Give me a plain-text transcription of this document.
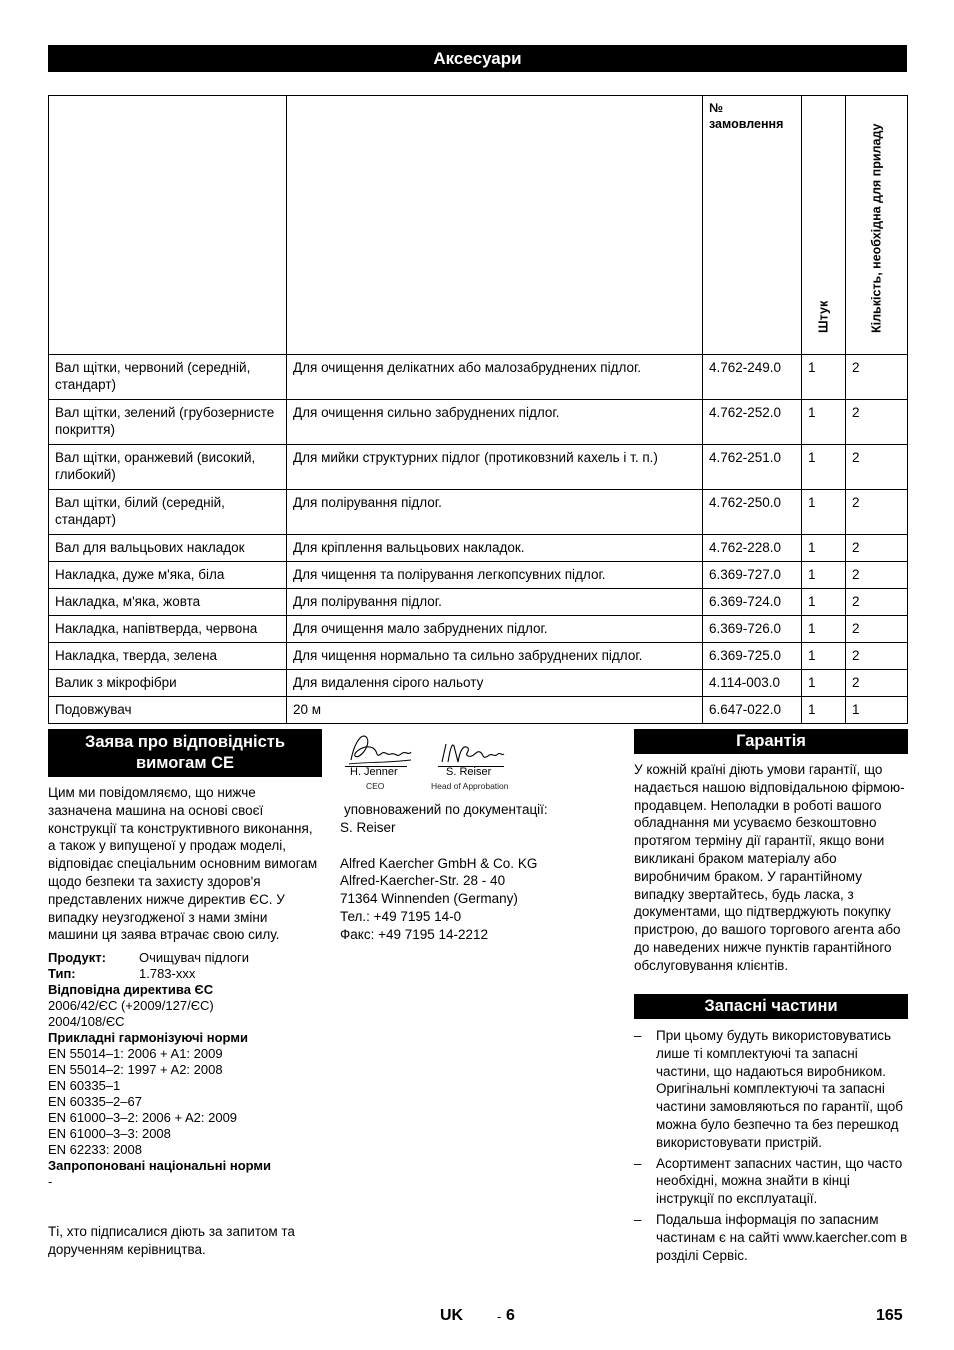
Аксесуари
		№ замовлення	Штук	Кількість, необхідна для приладу

Вал щітки, червоний (середній, стандарт)	Для очищення делікатних або малозабруднених підлог.	4.762-249.0	1	2
Вал щітки, зелений (грубозернисте покриття)	Для очищення сильно забруднених підлог.	4.762-252.0	1	2
Вал щітки, оранжевий (високий, глибокий)	Для мийки структурних підлог (протиковзний кахель і т. п.)	4.762-251.0	1	2
Вал щітки, білий (середній, стандарт)	Для полірування підлог.	4.762-250.0	1	2
Вал для вальцьових накладок	Для кріплення вальцьових накладок.	4.762-228.0	1	2
Накладка, дуже м'яка, біла	Для чищення та полірування легкопсувних підлог.	6.369-727.0	1	2
Накладка, м'яка, жовта	Для полірування підлог.	6.369-724.0	1	2
Накладка, напівтверда, червона	Для очищення мало забруднених підлог.	6.369-726.0	1	2
Накладка, тверда, зелена	Для чищення нормально та сильно забруднених підлог.	6.369-725.0	1	2
Валик з мікрофібри	Для видалення сірого нальоту	4.114-003.0	1	2
Подовжувач	20 м	6.647-022.0	1	1
Заява про відповідність вимогам СЕ

Цим ми повідомляємо, що нижче зазначена машина на основі своєї конструкції та конструктивного виконання, а також у випущеної у продаж моделі, відповідає спеціальним основним вимогам щодо безпеки та захисту здоров'я представлених нижче директив ЄС. У випадку неузгодженої з нами зміни машини ця заява втрачає свою силу.

Продукт:	Очищувач підлоги
Тип:	1.783-xxx
Відповідна директива ЄС
2006/42/ЄС (+2009/127/ЄС)
2004/108/ЄС
Прикладні гармонізуючі норми
EN 55014–1: 2006 + A1: 2009
EN 55014–2: 1997 + A2: 2008
EN 60335–1
EN 60335–2–67
EN 61000–3–2: 2006 + A2: 2009
EN 61000–3–3: 2008
EN 62233: 2008
Запропоновані національні норми
-
Ті, хто підписалися діють за запитом та дорученням керівництва.
H. Jenner
CEO
S. Reiser
Head of Approbation

уповноважений по документації:

S. Reiser

Alfred Kaercher GmbH & Co. KG

Alfred-Kaercher-Str. 28 - 40

71364 Winnenden (Germany)

Тел.: +49 7195 14-0

Факс: +49 7195 14-2212

Гарантія

У кожній країні діють умови гарантії, що надається нашою відповідальною фірмою-продавцем. Неполадки в роботі вашого обладнання ми усуваємо безкоштовно протягом терміну дії гарантії, якщо вони викликані браком матеріалу або виробничим браком. У гарантійному випадку звертайтесь, будь ласка, з документами, що підтверджують покупку пристрою, до вашого торгового агента або до наведених нижче пунктів гарантійного обслуговування клієнтів.

Запасні частини
– При цьому будуть використовуватись лише ті комплектуючі та запасні частини, що надаються виробником. Оригінальні комплектуючі та запасні частини замовляються по гарантії, щоб можна було безпечно та без перешкод використовувати пристрій.
– Асортимент запасних частин, що часто необхідні, можна знайти в кінці інструкції по експлуатації.
– Подальша інформація по запасним частинам є на сайті www.kaercher.com в розділі Сервіс.
UK	- 6	165
